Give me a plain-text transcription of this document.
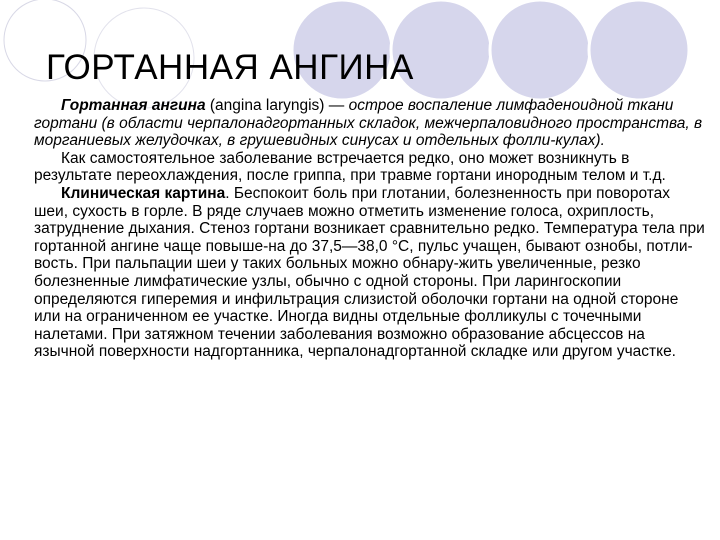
ГОРТАННАЯ АНГИНА

Гортанная ангина (angina laryngis) — острое воспаление лимфаденоидной ткани гортани (в области черпалонадгортанных складок, межчерпаловидного пространства, в морганиевых желудочках, в грушевидных синусах и отдельных фолли-кулах).

Как самостоятельное заболевание встречается редко, оно может возникнуть в результате переохлаждения, после гриппа, при травме гортани инородным телом и т.д.

Клиническая картина. Беспокоит боль при глотании, болезненность при поворотах шеи, сухость в горле. В ряде случаев можно отметить изменение голоса, охриплость, затруднение дыхания. Стеноз гортани возникает сравнительно редко. Температура тела при гортанной ангине чаще повыше-на до 37,5—38,0 °С, пульс учащен, бывают ознобы, потли-вость. При пальпации шеи у таких больных можно обнару-жить увеличенные, резко болезненные лимфатические узлы, обычно с одной стороны. При ларингоскопии определяются гиперемия и инфильтрация слизистой оболочки гортани на одной стороне или на ограниченном ее участке. Иногда видны отдельные фолликулы с точечными налетами. При затяжном течении заболевания возможно образование абсцессов на язычной поверхности надгортанника, черпалонадгортанной складке или другом участке.
